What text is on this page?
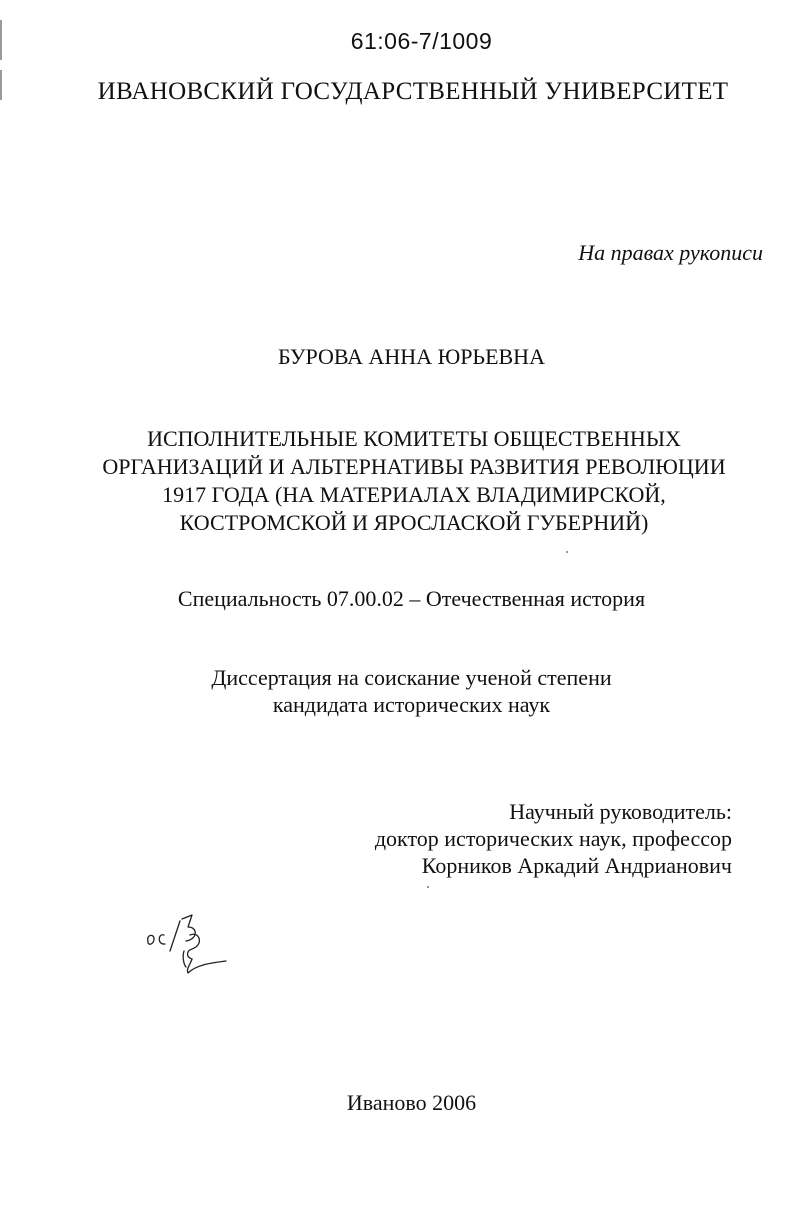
61:06-7/1009
ИВАНОВСКИЙ ГОСУДАРСТВЕННЫЙ УНИВЕРСИТЕТ
На правах рукописи
БУРОВА АННА ЮРЬЕВНА
ИСПОЛНИТЕЛЬНЫЕ КОМИТЕТЫ ОБЩЕСТВЕННЫХ
ОРГАНИЗАЦИЙ И АЛЬТЕРНАТИВЫ РАЗВИТИЯ РЕВОЛЮЦИИ
1917 ГОДА (НА МАТЕРИАЛАХ ВЛАДИМИРСКОЙ,
КОСТРОМСКОЙ И ЯРОСЛАСКОЙ ГУБЕРНИЙ)
Специальность 07.00.02 – Отечественная история
Диссертация на соискание ученой степени
кандидата исторических наук
Научный руководитель:
доктор исторических наук, профессор
Корников Аркадий Андрианович
Иваново 2006
